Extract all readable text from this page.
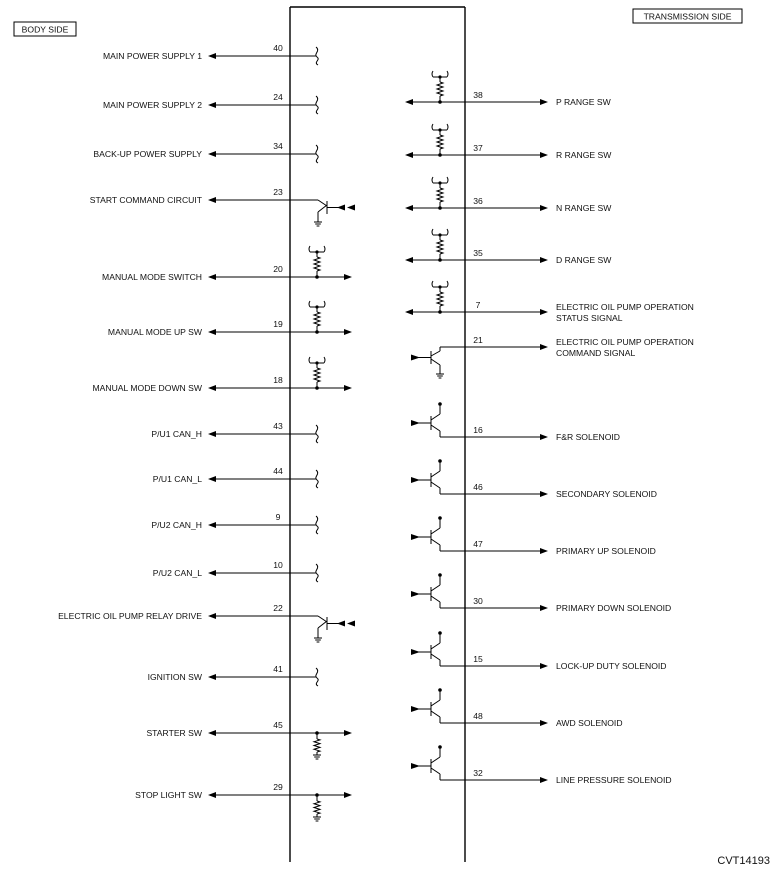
BODY SIDE
TRANSMISSION SIDE
MAIN POWER SUPPLY 1
40
MAIN POWER SUPPLY 2
24
BACK-UP POWER SUPPLY
34
START COMMAND CIRCUIT
23
MANUAL MODE SWITCH
20
MANUAL MODE UP SW
19
MANUAL MODE DOWN SW
18
P/U1 CAN_H
43
P/U1 CAN_L
44
P/U2 CAN_H
9
P/U2 CAN_L
10
ELECTRIC OIL PUMP RELAY DRIVE
22
IGNITION SW
41
STARTER SW
45
STOP LIGHT SW
29
38
P RANGE SW
37
R RANGE SW
36
N RANGE SW
35
D RANGE SW
7	ELECTRIC OIL PUMP OPERATION
STATUS SIGNAL
21	ELECTRIC OIL PUMP OPERATION
COMMAND SIGNAL
16
F&R SOLENOID
46
SECONDARY SOLENOID
47
PRIMARY UP SOLENOID
30
PRIMARY DOWN SOLENOID
15
LOCK-UP DUTY SOLENOID
48
AWD SOLENOID
32
LINE PRESSURE SOLENOID
CVT14193
